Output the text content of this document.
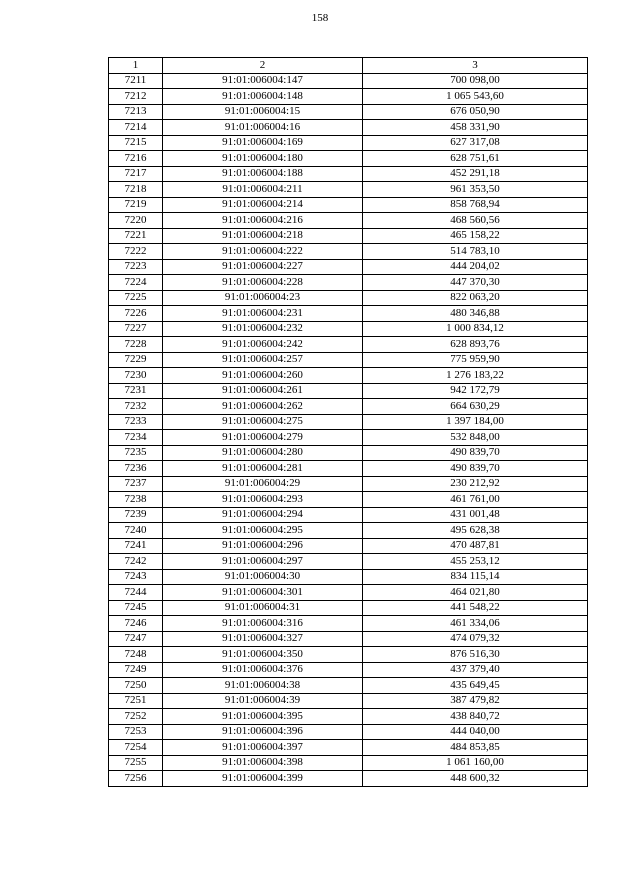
158
1	2	3
7211	91:01:006004:147	700 098,00
7212	91:01:006004:148	1 065 543,60
7213	91:01:006004:15	676 050,90
7214	91:01:006004:16	458 331,90
7215	91:01:006004:169	627 317,08
7216	91:01:006004:180	628 751,61
7217	91:01:006004:188	452 291,18
7218	91:01:006004:211	961 353,50
7219	91:01:006004:214	858 768,94
7220	91:01:006004:216	468 560,56
7221	91:01:006004:218	465 158,22
7222	91:01:006004:222	514 783,10
7223	91:01:006004:227	444 204,02
7224	91:01:006004:228	447 370,30
7225	91:01:006004:23	822 063,20
7226	91:01:006004:231	480 346,88
7227	91:01:006004:232	1 000 834,12
7228	91:01:006004:242	628 893,76
7229	91:01:006004:257	775 959,90
7230	91:01:006004:260	1 276 183,22
7231	91:01:006004:261	942 172,79
7232	91:01:006004:262	664 630,29
7233	91:01:006004:275	1 397 184,00
7234	91:01:006004:279	532 848,00
7235	91:01:006004:280	490 839,70
7236	91:01:006004:281	490 839,70
7237	91:01:006004:29	230 212,92
7238	91:01:006004:293	461 761,00
7239	91:01:006004:294	431 001,48
7240	91:01:006004:295	495 628,38
7241	91:01:006004:296	470 487,81
7242	91:01:006004:297	455 253,12
7243	91:01:006004:30	834 115,14
7244	91:01:006004:301	464 021,80
7245	91:01:006004:31	441 548,22
7246	91:01:006004:316	461 334,06
7247	91:01:006004:327	474 079,32
7248	91:01:006004:350	876 516,30
7249	91:01:006004:376	437 379,40
7250	91:01:006004:38	435 649,45
7251	91:01:006004:39	387 479,82
7252	91:01:006004:395	438 840,72
7253	91:01:006004:396	444 040,00
7254	91:01:006004:397	484 853,85
7255	91:01:006004:398	1 061 160,00
7256	91:01:006004:399	448 600,32
